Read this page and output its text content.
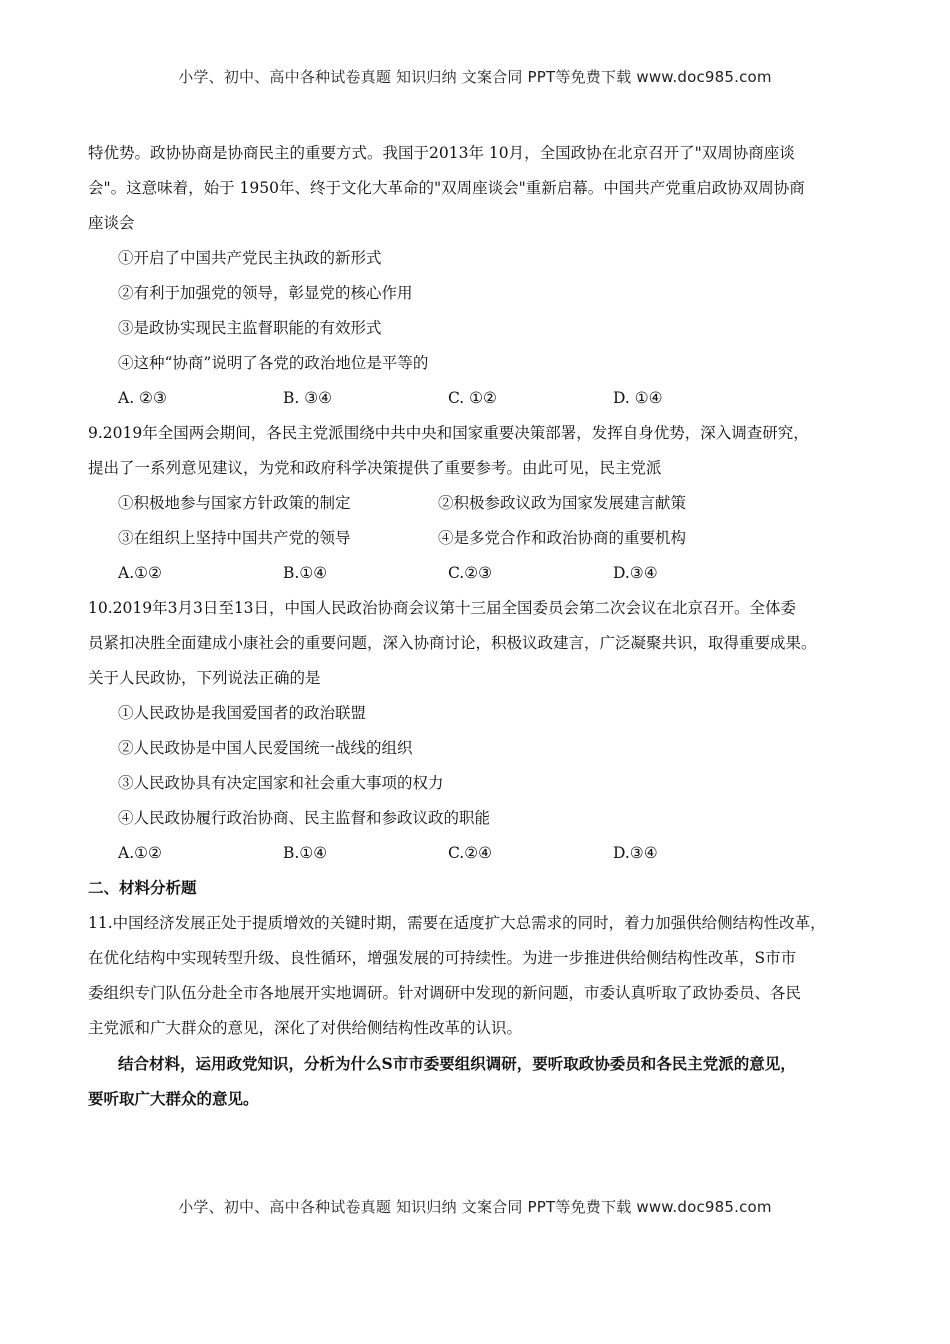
小学、初中、高中各种试卷真题 知识归纳 文案合同 PPT等免费下载 www.doc985.com
特优势。政协协商是协商民主的重要方式。我国于2013年 10月，全国政协在北京召开了"双周协商座谈
会"。这意味着，始于 1950年、终于文化大革命的"双周座谈会"重新启幕。中国共产党重启政协双周协商
座谈会
①开启了中国共产党民主执政的新形式
②有利于加强党的领导，彰显党的核心作用
③是政协实现民主监督职能的有效形式
④这种“协商”说明了各党的政治地位是平等的
A. ②③	B. ③④	C. ①②	D. ①④
9.2019年全国两会期间，各民主党派围绕中共中央和国家重要决策部署，发挥自身优势，深入调查研究，
提出了一系列意见建议，为党和政府科学决策提供了重要参考。由此可见，民主党派
①积极地参与国家方针政策的制定	②积极参政议政为国家发展建言献策
③在组织上坚持中国共产党的领导	④是多党合作和政治协商的重要机构
A.①②	B.①④	C.②③	D.③④
10.2019年3月3日至13日，中国人民政治协商会议第十三届全国委员会第二次会议在北京召开。全体委
员紧扣决胜全面建成小康社会的重要问题，深入协商讨论，积极议政建言，广泛凝聚共识，取得重要成果。
关于人民政协，下列说法正确的是
①人民政协是我国爱国者的政治联盟
②人民政协是中国人民爱国统一战线的组织
③人民政协具有决定国家和社会重大事项的权力
④人民政协履行政治协商、民主监督和参政议政的职能
A.①②	B.①④	C.②④	D.③④
二、材料分析题
11.中国经济发展正处于提质增效的关键时期，需要在适度扩大总需求的同时，着力加强供给侧结构性改革，
在优化结构中实现转型升级、良性循环，增强发展的可持续性。为进一步推进供给侧结构性改革，S市市
委组织专门队伍分赴全市各地展开实地调研。针对调研中发现的新问题，市委认真听取了政协委员、各民
主党派和广大群众的意见，深化了对供给侧结构性改革的认识。
结合材料，运用政党知识，分析为什么S市市委要组织调研，要听取政协委员和各民主党派的意见，
要听取广大群众的意见。
小学、初中、高中各种试卷真题 知识归纳 文案合同 PPT等免费下载 www.doc985.com
